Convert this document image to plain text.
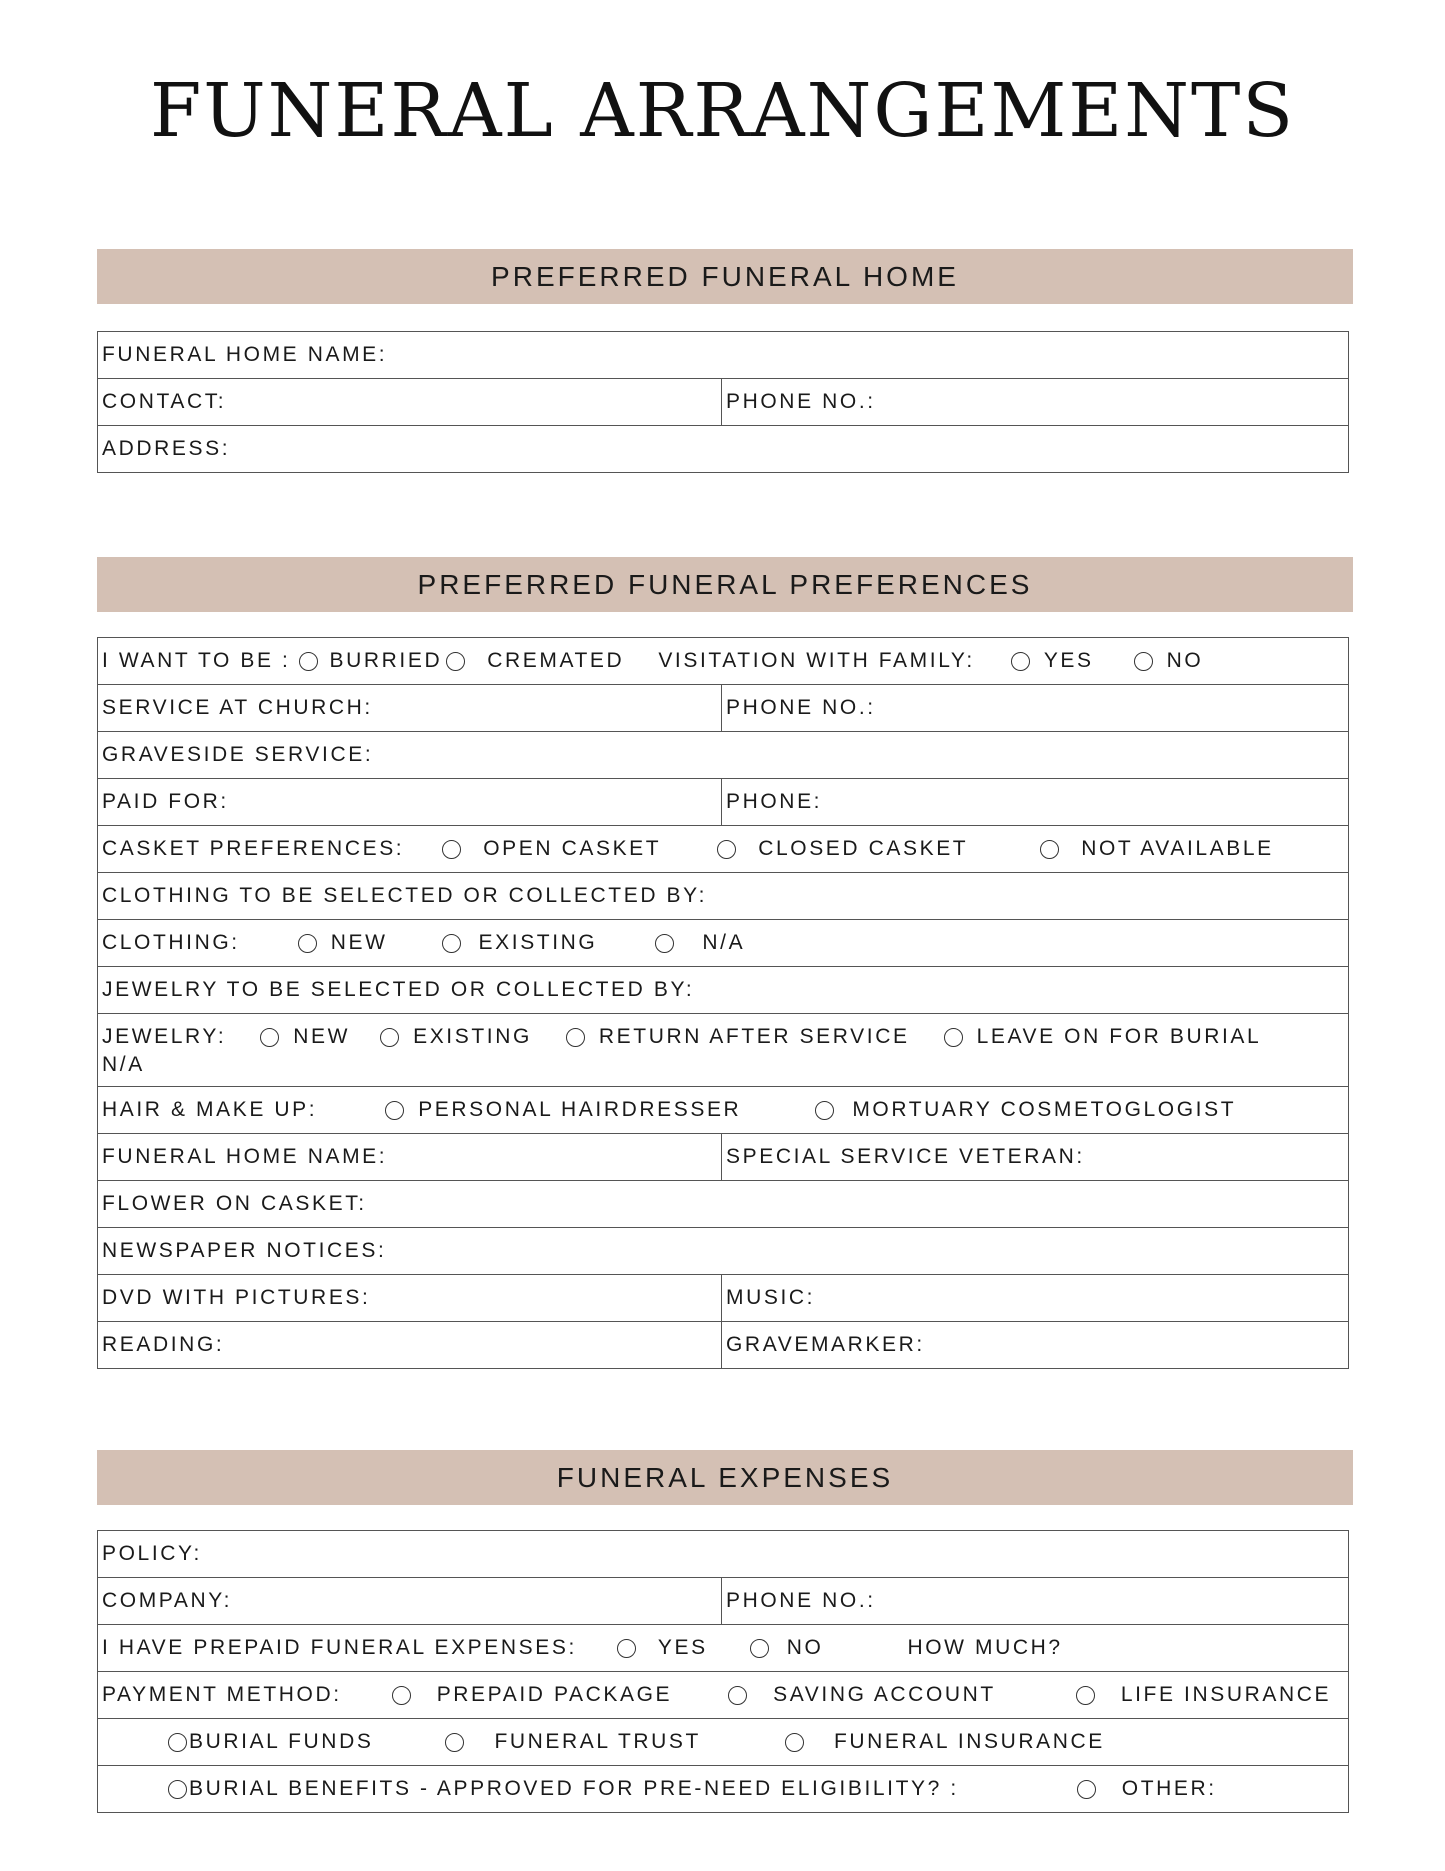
FUNERAL ARRANGEMENTS
PREFERRED FUNERAL HOME
FUNERAL HOME NAME:
CONTACT:	PHONE NO.:
ADDRESS:
PREFERRED FUNERAL PREFERENCES
I WANT TO BE : BURRIED CREMATED VISITATION WITH FAMILY: YES NO	
SERVICE AT CHURCH:	PHONE NO.:
GRAVESIDE SERVICE:	
PAID FOR:	PHONE:
CASKET PREFERENCES: OPEN CASKET CLOSED CASKET NOT AVAILABLE	
CLOTHING TO BE SELECTED OR COLLECTED BY:	
CLOTHING: NEW EXISTING N/A	
JEWELRY TO BE SELECTED OR COLLECTED BY:	
JEWELRY: NEW EXISTING RETURN AFTER SERVICE LEAVE ON FOR BURIAL
N/A	
HAIR & MAKE UP: PERSONAL HAIRDRESSER MORTUARY COSMETOGLOGIST	
FUNERAL HOME NAME:	SPECIAL SERVICE VETERAN:
FLOWER ON CASKET:	
NEWSPAPER NOTICES:	
DVD WITH PICTURES:	MUSIC:
READING:	GRAVEMARKER:
FUNERAL EXPENSES
POLICY:
COMPANY:	PHONE NO.:
I HAVE PREPAID FUNERAL EXPENSES:	YES	NO	HOW MUCH?
PAYMENT METHOD:	PREPAID PACKAGE	SAVING ACCOUNT	LIFE INSURANCE
BURIAL FUNDS	FUNERAL TRUST	FUNERAL INSURANCE
BURIAL BENEFITS - APPROVED FOR PRE-NEED ELIGIBILITY? :	OTHER:
